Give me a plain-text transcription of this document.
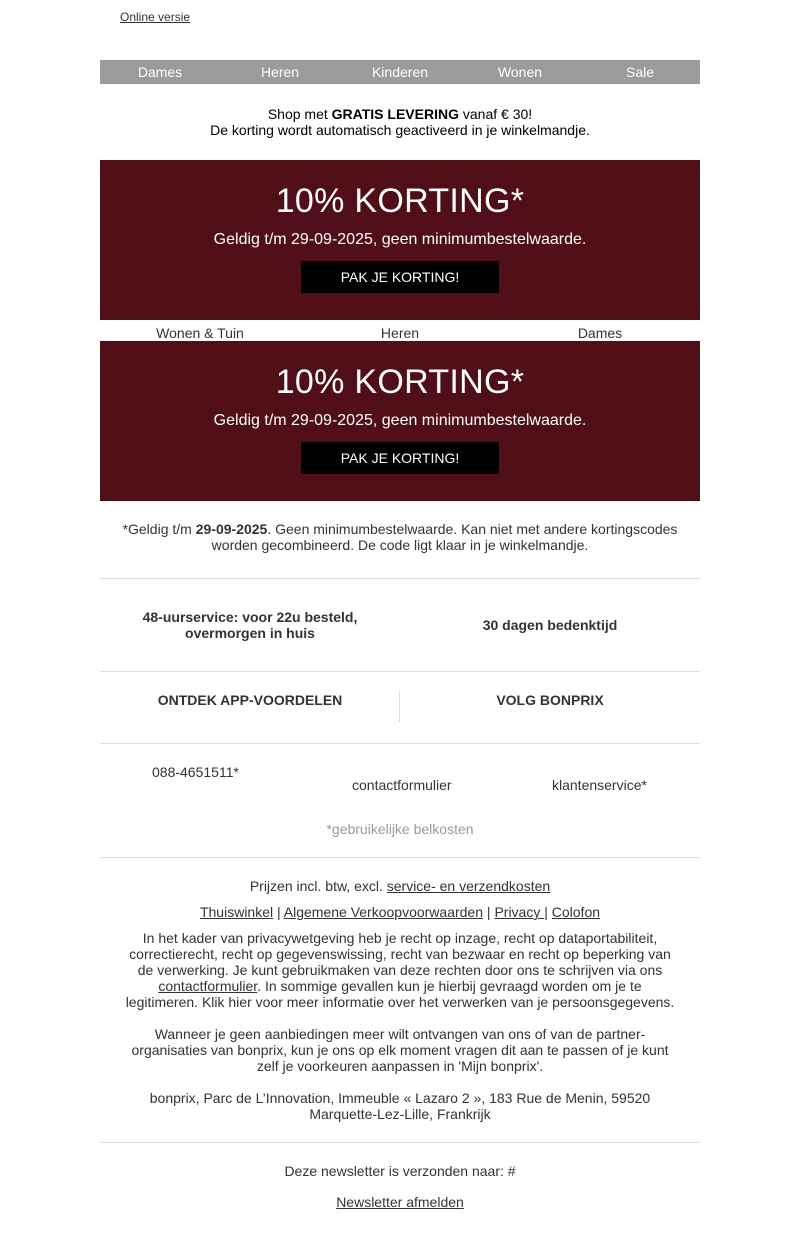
Online versie
Dames	Heren	Kinderen	Wonen	Sale
Shop met GRATIS LEVERING vanaf € 30!
De korting wordt automatisch geactiveerd in je winkelmandje.
10% KORTING*
Geldig t/m 29-09-2025, geen minimumbestelwaarde.
PAK JE KORTING!
Wonen & Tuin	Heren	Dames
10% KORTING*
Geldig t/m 29-09-2025, geen minimumbestelwaarde.
PAK JE KORTING!
*Geldig t/m 29-09-2025. Geen minimumbestelwaarde. Kan niet met andere kortingscodes worden gecombineerd. De code ligt klaar in je winkelmandje.
48-uurservice: voor 22u besteld,
overmorgen in huis	30 dagen bedenktijd
ONTDEK APP-VOORDELEN	VOLG BONPRIX
088-4651511*
contactformulier	klantenservice*
*gebruikelijke belkosten

Prijzen incl. btw, excl. service- en verzendkosten

Thuiswinkel | Algemene Verkoopvoorwaarden | Privacy | Colofon

In het kader van privacywetgeving heb je recht op inzage, recht op dataportabiliteit, correctierecht, recht op gegevenswissing, recht van bezwaar en recht op beperking van de verwerking. Je kunt gebruikmaken van deze rechten door ons te schrijven via ons contactformulier. In sommige gevallen kun je hierbij gevraagd worden om je te legitimeren. Klik hier voor meer informatie over het verwerken van je persoonsgegevens.

Wanneer je geen aanbiedingen meer wilt ontvangen van ons of van de partner-organisaties van bonprix, kun je ons op elk moment vragen dit aan te passen of je kunt zelf je voorkeuren aanpassen in 'Mijn bonprix'.

bonprix, Parc de L’Innovation, Immeuble « Lazaro 2 », 183 Rue de Menin, 59520 Marquette-Lez-Lille, Frankrijk

Deze newsletter is verzonden naar: #
Newsletter afmelden
